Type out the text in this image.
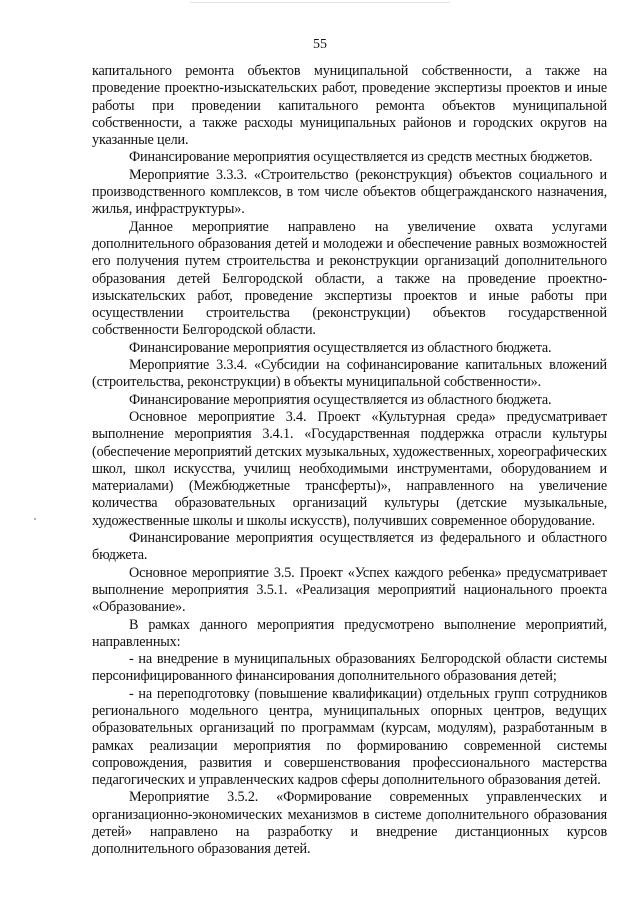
55

капитального ремонта объектов муниципальной собственности, а также на проведение проектно-изыскательских работ, проведение экспертизы проектов и иные работы при проведении капитального ремонта объектов муниципальной собственности, а также расходы муниципальных районов и городских округов на указанные цели.

Финансирование мероприятия осуществляется из средств местных бюджетов.

Мероприятие 3.3.3. «Строительство (реконструкция) объектов социального и производственного комплексов, в том числе объектов общегражданского назначения, жилья, инфраструктуры».

Данное мероприятие направлено на увеличение охвата услугами дополнительного образования детей и молодежи и обеспечение равных возможностей его получения путем строительства и реконструкции организаций дополнительного образования детей Белгородской области, а также на проведение проектно-изыскательских работ, проведение экспертизы проектов и иные работы при осуществлении строительства (реконструкции) объектов государственной собственности Белгородской области.

Финансирование мероприятия осуществляется из областного бюджета.

Мероприятие 3.3.4. «Субсидии на софинансирование капитальных вложений (строительства, реконструкции) в объекты муниципальной собственности».

Финансирование мероприятия осуществляется из областного бюджета.

Основное мероприятие 3.4. Проект «Культурная среда» предусматривает выполнение мероприятия 3.4.1. «Государственная поддержка отрасли культуры (обеспечение мероприятий детских музыкальных, художественных, хореографических школ, школ искусства, училищ необходимыми инструментами, оборудованием и материалами) (Межбюджетные трансферты)», направленного на увеличение количества образовательных организаций культуры (детские музыкальные, художественные школы и школы искусств), получивших современное оборудование.

Финансирование мероприятия осуществляется из федерального и областного бюджета.

Основное мероприятие 3.5. Проект «Успех каждого ребенка» предусматривает выполнение мероприятия 3.5.1. «Реализация мероприятий национального проекта «Образование».

В рамках данного мероприятия предусмотрено выполнение мероприятий, направленных:

- на внедрение в муниципальных образованиях Белгородской области системы персонифицированного финансирования дополнительного образования детей;

- на переподготовку (повышение квалификации) отдельных групп сотрудников регионального модельного центра, муниципальных опорных центров, ведущих образовательных организаций по программам (курсам, модулям), разработанным в рамках реализации мероприятия по формированию современной системы сопровождения, развития и совершенствования профессионального мастерства педагогических и управленческих кадров сферы дополнительного образования детей.

Мероприятие 3.5.2. «Формирование современных управленческих и организационно-экономических механизмов в системе дополнительного образования детей» направлено на разработку и внедрение дистанционных курсов дополнительного образования детей.
